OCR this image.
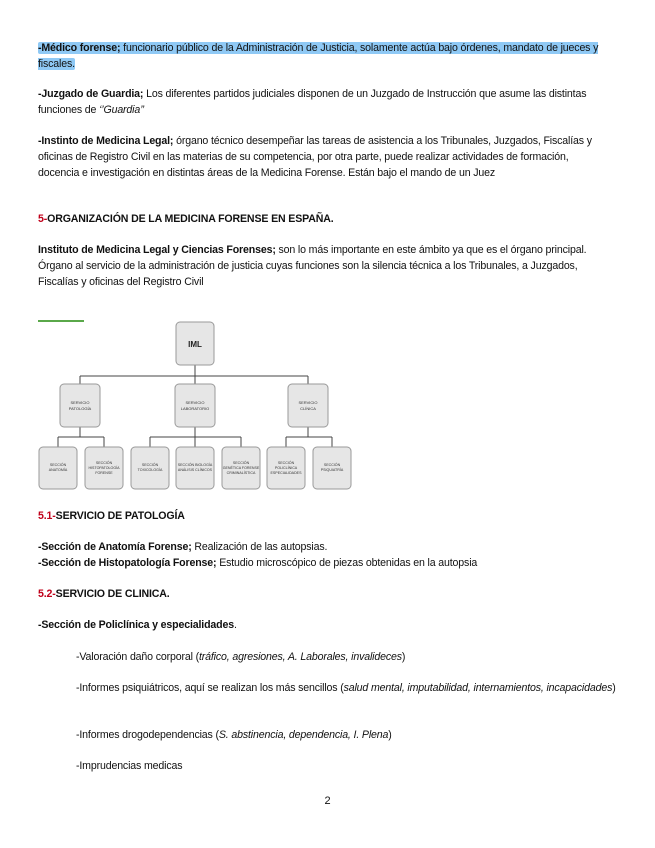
-Médico forense; funcionario público de la Administración de Justicia, solamente actúa bajo órdenes, mandato de jueces y fiscales.
-Juzgado de Guardia; Los diferentes partidos judiciales disponen de un Juzgado de Instrucción que asume las distintas funciones de ‘’Guardia’’
-Instinto de Medicina Legal; órgano técnico desempeñar las tareas de asistencia a los Tribunales, Juzgados, Fiscalías y oficinas de Registro Civil en las materias de su competencia, por otra parte, puede realizar actividades de formación, docencia e investigación en distintas áreas de la Medicina Forense. Están bajo el mando de un Juez
5-ORGANIZACIÓN DE LA MEDICINA FORENSE EN ESPAÑA.
Instituto de Medicina Legal y Ciencias Forenses; son lo más importante en este ámbito ya que es el órgano principal. Órgano al servicio de la administración de justicia cuyas funciones son la silencia técnica a los Tribunales, a Juzgados, Fiscalías y oficinas del Registro Civil
IML
SERVICIO
PATOLOGÍA
SERVICIO
LABORATORIO
SERVICIO
CLÍNICA
SECCIÓN
ANATOMÍA
SECCIÓN
HISTOPATOLOGÍA
FORENSE
SECCIÓN
TOXICOLOGÍA
SECCIÓN BIOLOGÍA
ANÁLISIS CLÍNICOS
SECCIÓN
GENÉTICA FORENSE
CRIMINALÍSTICA
SECCIÓN
POLICLÍNICA
ESPECIALIDADES
SECCIÓN
PSIQUIATRÍA
5.1-SERVICIO DE PATOLOGÍA
-Sección de Anatomía Forense; Realización de las autopsias.
-Sección de Histopatología Forense; Estudio microscópico de piezas obtenidas en la autopsia
5.2-SERVICIO DE CLINICA.
-Sección de Policlínica y especialidades.
-Valoración daño corporal (tráfico, agresiones, A. Laborales, invalideces)
-Informes psiquiátricos, aquí se realizan los más sencillos (salud mental, imputabilidad, internamientos, incapacidades)
-Informes drogodependencias (S. abstinencia, dependencia, I. Plena)
-Imprudencias medicas
2
